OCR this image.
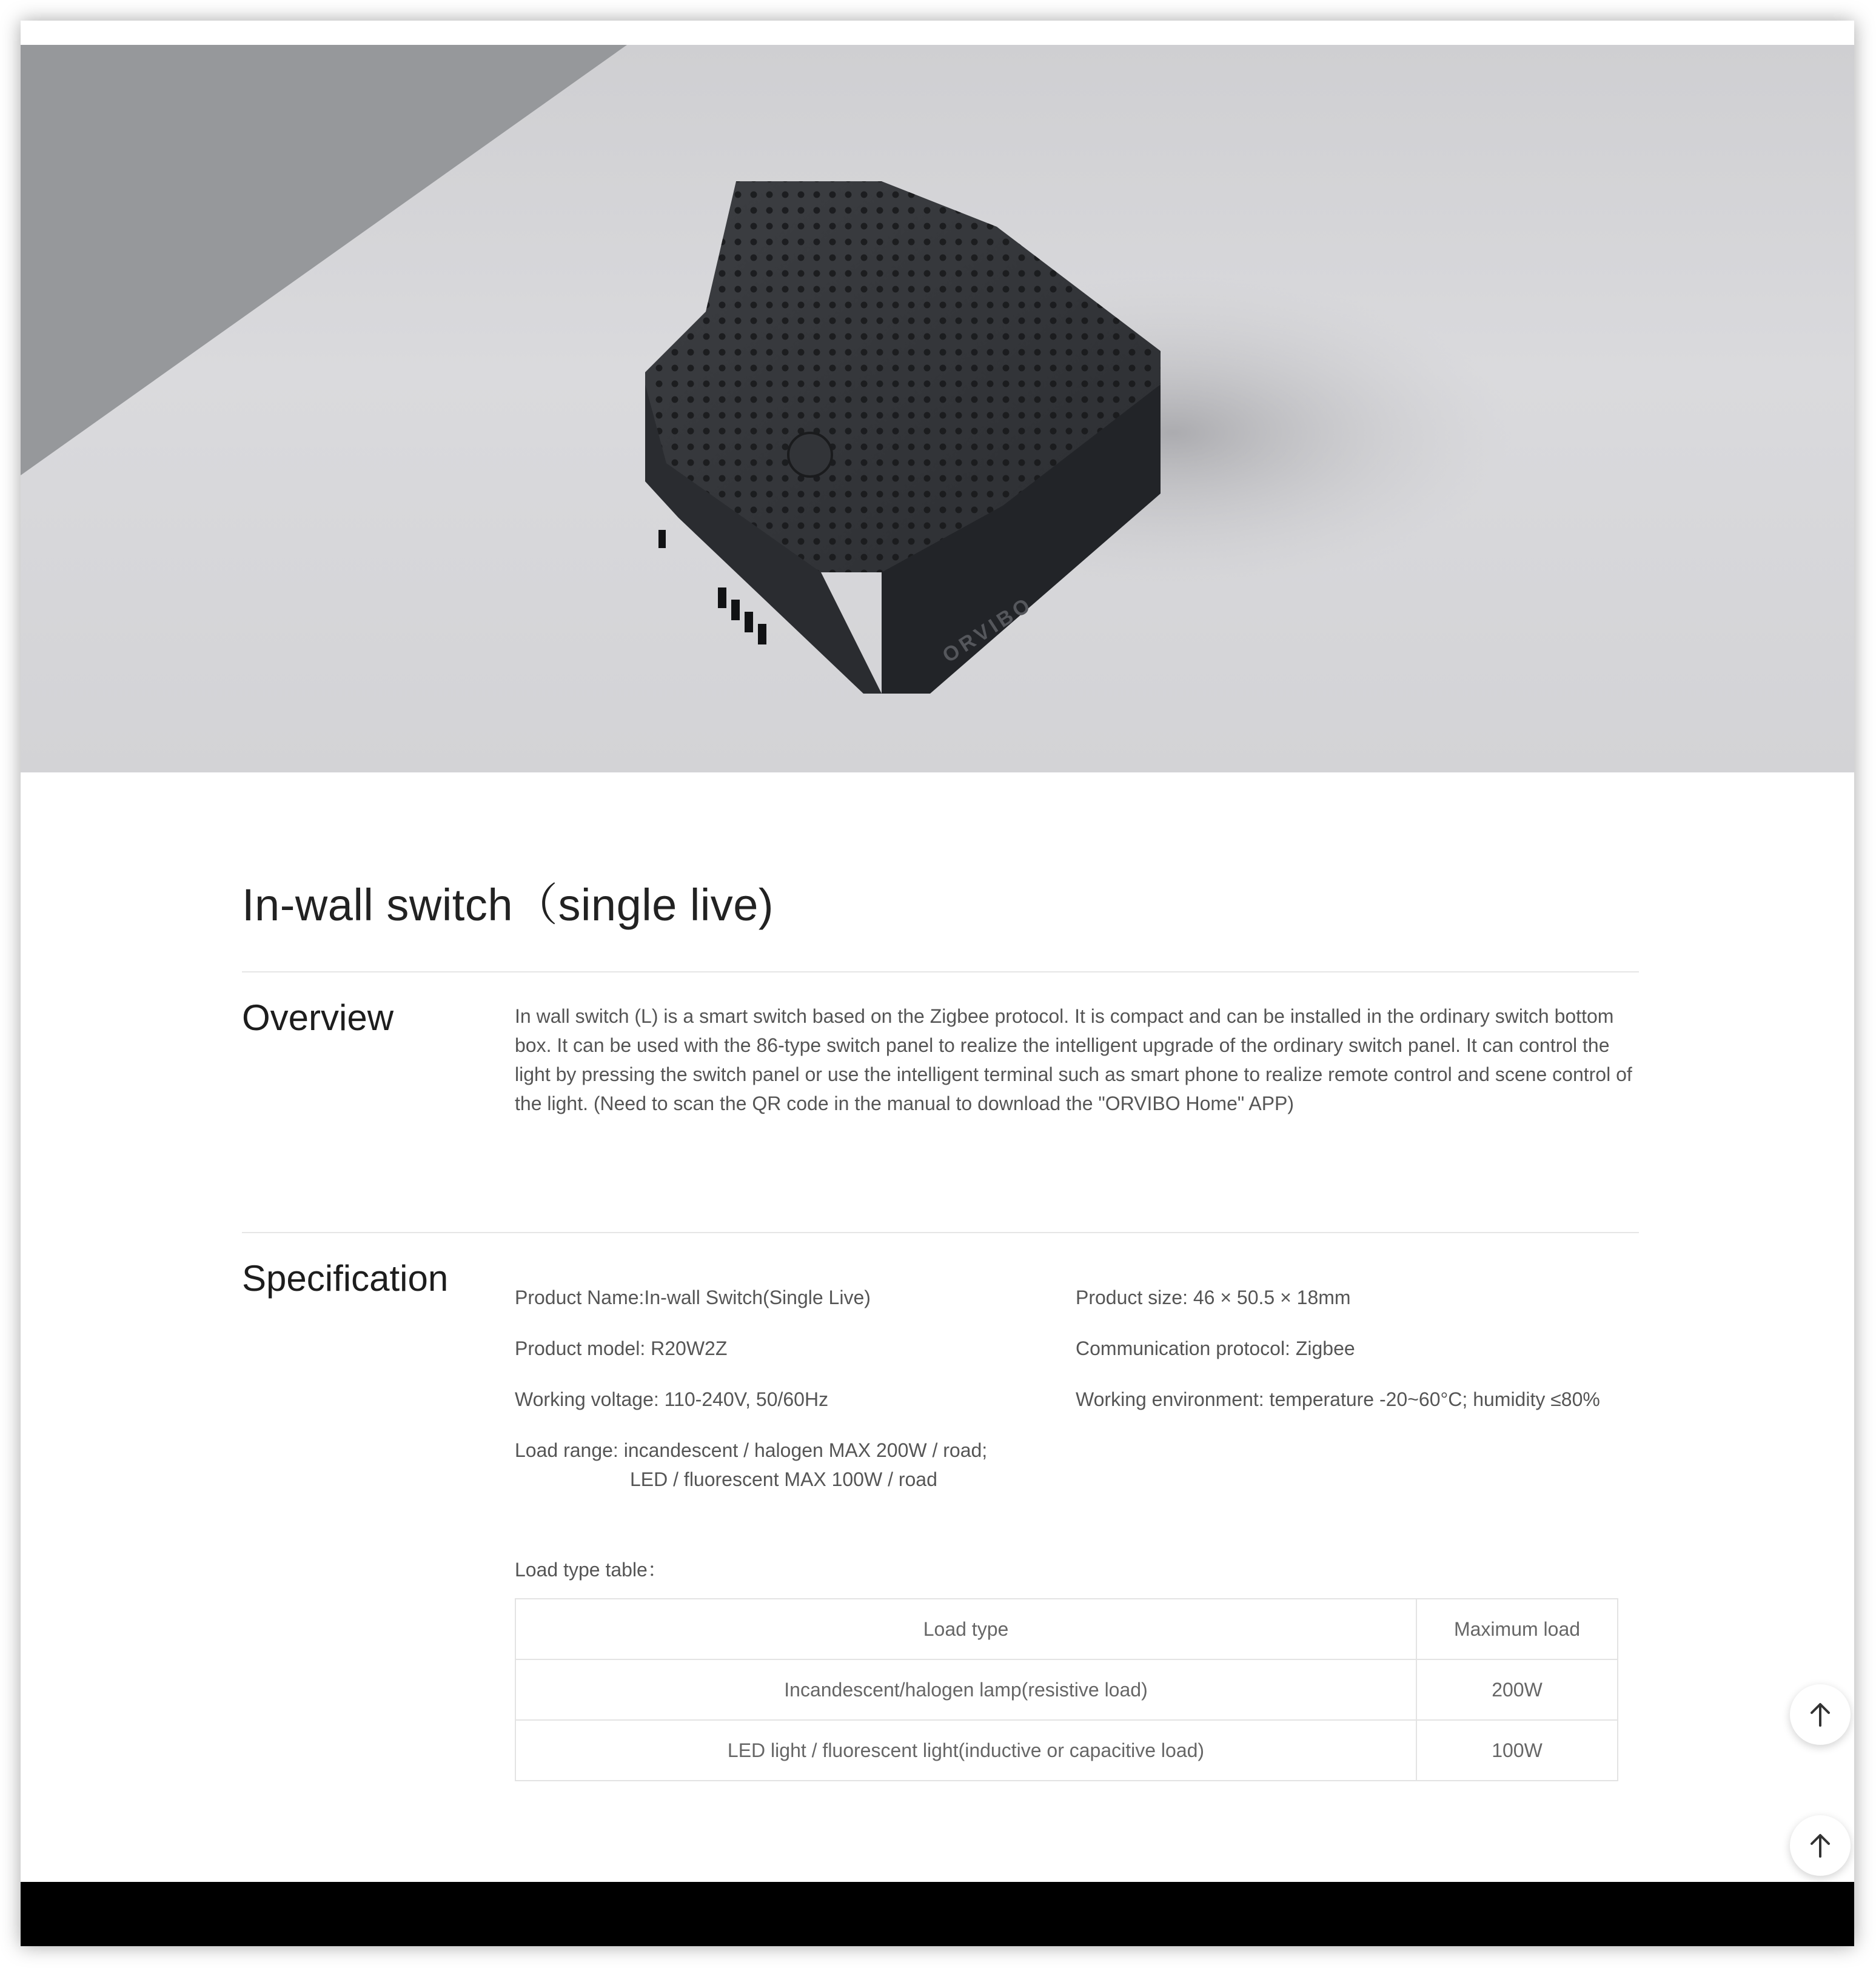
ORVIBO
In-wall switch（single live)
Overview	In wall switch (L) is a smart switch based on the Zigbee protocol. It is compact and can be installed in the ordinary switch bottom box. It can be used with the 86-type switch panel to realize the intelligent upgrade of the ordinary switch panel. It can control the light by pressing the switch panel or use the intelligent terminal such as smart phone to realize remote control and scene control of the light. (Need to scan the QR code in the manual to download the "ORVIBO Home" APP)
Specification	Product Name:In-wall Switch(Single Live)
Product model: R20W2Z
Working voltage: 110-240V, 50/60Hz
Load range: incandescent / halogen MAX 200W / road;
LED / fluorescent MAX 100W / road
Product size: 46 × 50.5 × 18mm
Communication protocol: Zigbee
Working environment: temperature -20~60°C; humidity ≤80%
Load type table：
Load type	Maximum load
Incandescent/halogen lamp(resistive load)	200W
LED light / fluorescent light(inductive or capacitive load)	100W
